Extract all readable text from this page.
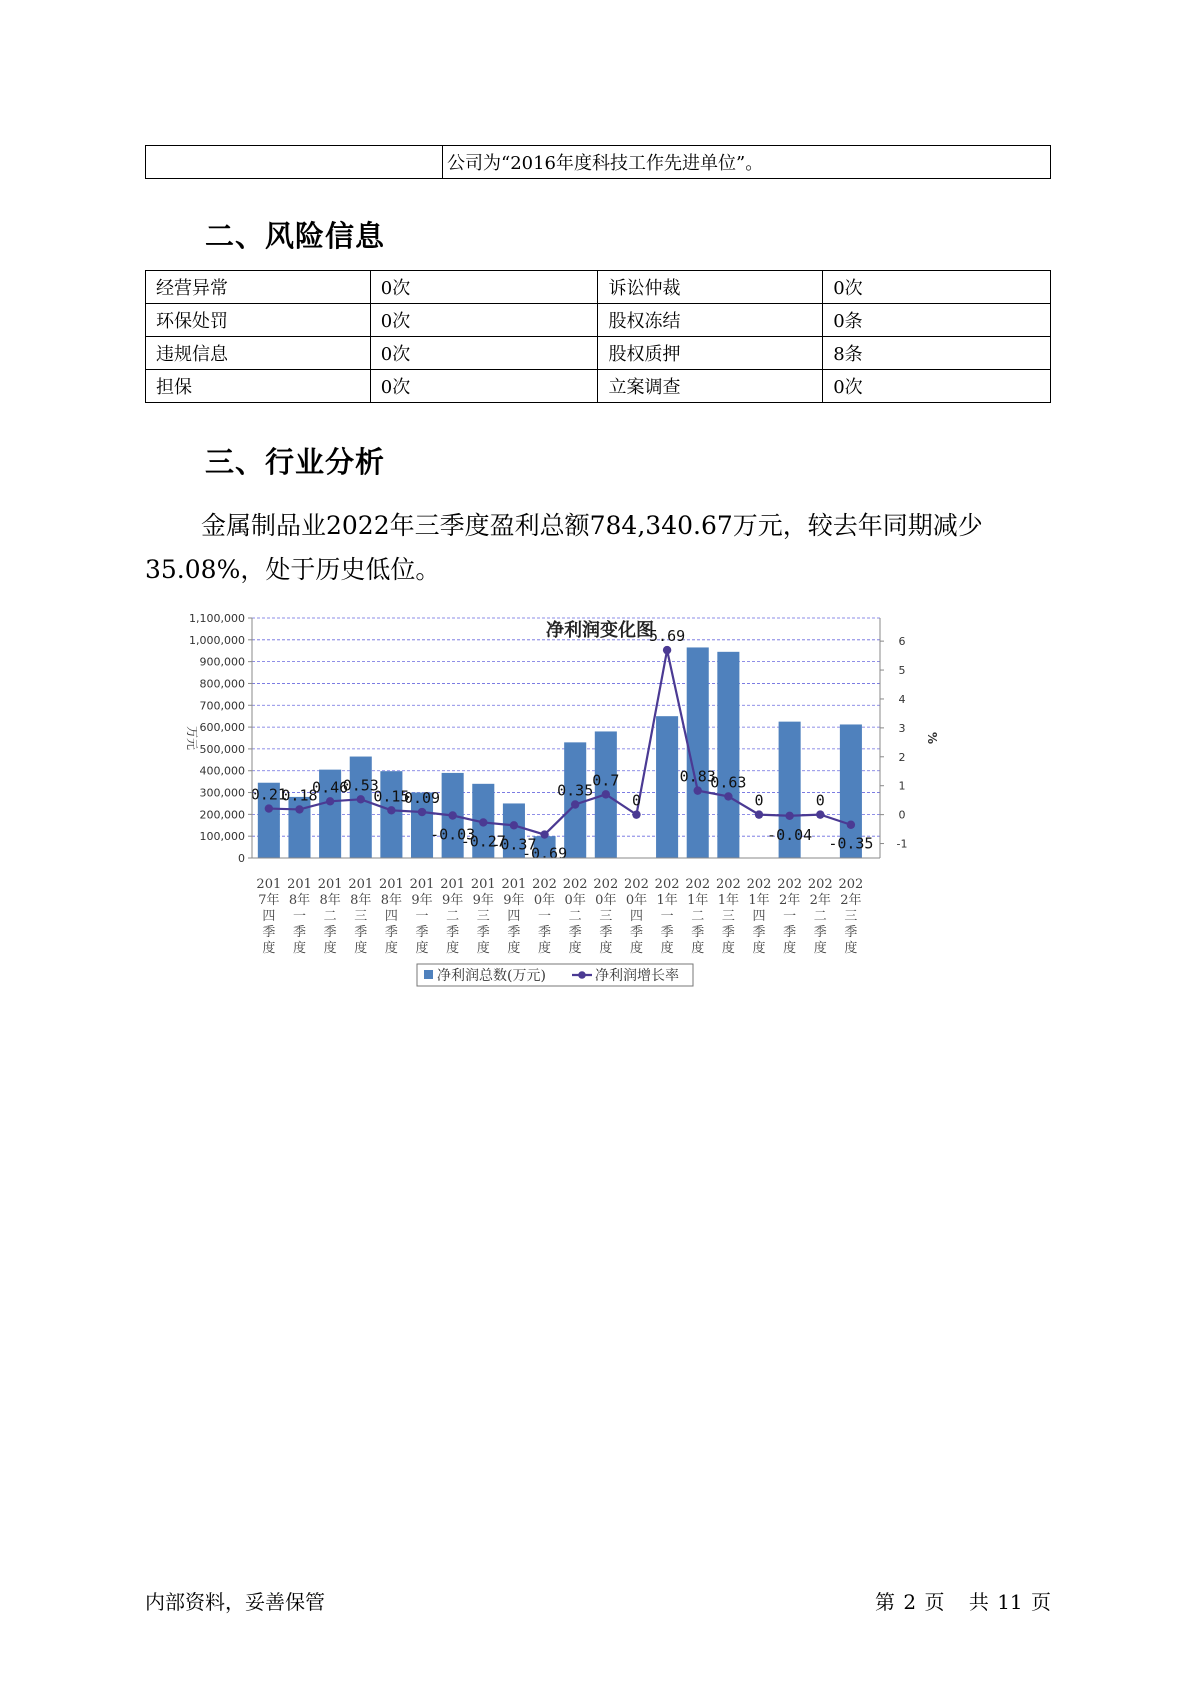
	公司为“2016年度科技工作先进单位”。
二、风险信息
经营异常	0次	诉讼仲裁	0次
环保处罚	0次	股权冻结	0条
违规信息	0次	股权质押	8条
担保	0次	立案调查	0次
三、行业分析

金属制品业2022年三季度盈利总额784,340.67万元，较去年同期减少35.08%，处于历史低位。

净利润变化图
0.21
0.18
0.46
0.53
0.15
0.09
-0.03
-0.27
-0.37
-0.69
0.35
0.7
0
5.69
0.83
0.63
0
-0.04
0
-0.35
0
100,000
200,000
300,000
400,000
500,000
600,000
700,000
800,000
900,000
1,000,000
1,100,000
-1
0
1
2
3
4
5
6
万元	%
201
7年
四
季
度
201
8年
一
季
度
201
8年
二
季
度
201
8年
三
季
度
201
8年
四
季
度
201
9年
一
季
度
201
9年
二
季
度
201
9年
三
季
度
201
9年
四
季
度
202
0年
一
季
度
202
0年
二
季
度
202
0年
三
季
度
202
0年
四
季
度
202
1年
一
季
度
202
1年
二
季
度
202
1年
三
季
度
202
1年
四
季
度
202
2年
一
季
度
202
2年
二
季
度
202
2年
三
季
度
净利润总数(万元)	净利润增长率
内部资料，妥善保管	第 2 页 共 11 页
